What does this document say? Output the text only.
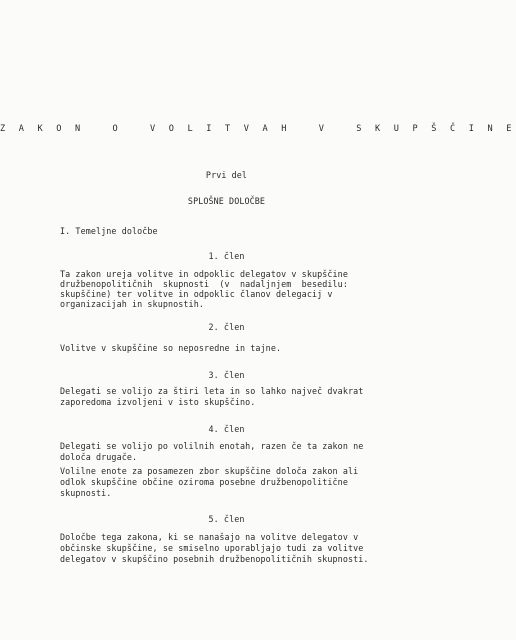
Z A K O N   O   V O L I T V A H   V   S K U P Š Č I N E
Prvi del
SPLOŠNE DOLOČBE
I. Temeljne določbe
1. člen
Ta zakon ureja volitve in odpoklic delegatov v skupščine
družbenopolitičnih  skupnosti  (v  nadaljnjem  besedilu:
skupščine) ter volitve in odpoklic članov delegacij v
organizacijah in skupnostih.
2. člen
Volitve v skupščine so neposredne in tajne.
3. člen
Delegati se volijo za štiri leta in so lahko največ dvakrat
zaporedoma izvoljeni v isto skupščino.
4. člen
Delegati se volijo po volilnih enotah, razen če ta zakon ne
določa drugače.
Volilne enote za posamezen zbor skupščine določa zakon ali
odlok skupščine občine oziroma posebne družbenopolitične
skupnosti.
5. člen
Določbe tega zakona, ki se nanašajo na volitve delegatov v
občinske skupščine, se smiselno uporabljajo tudi za volitve
delegatov v skupščino posebnih družbenopolitičnih skupnosti.
